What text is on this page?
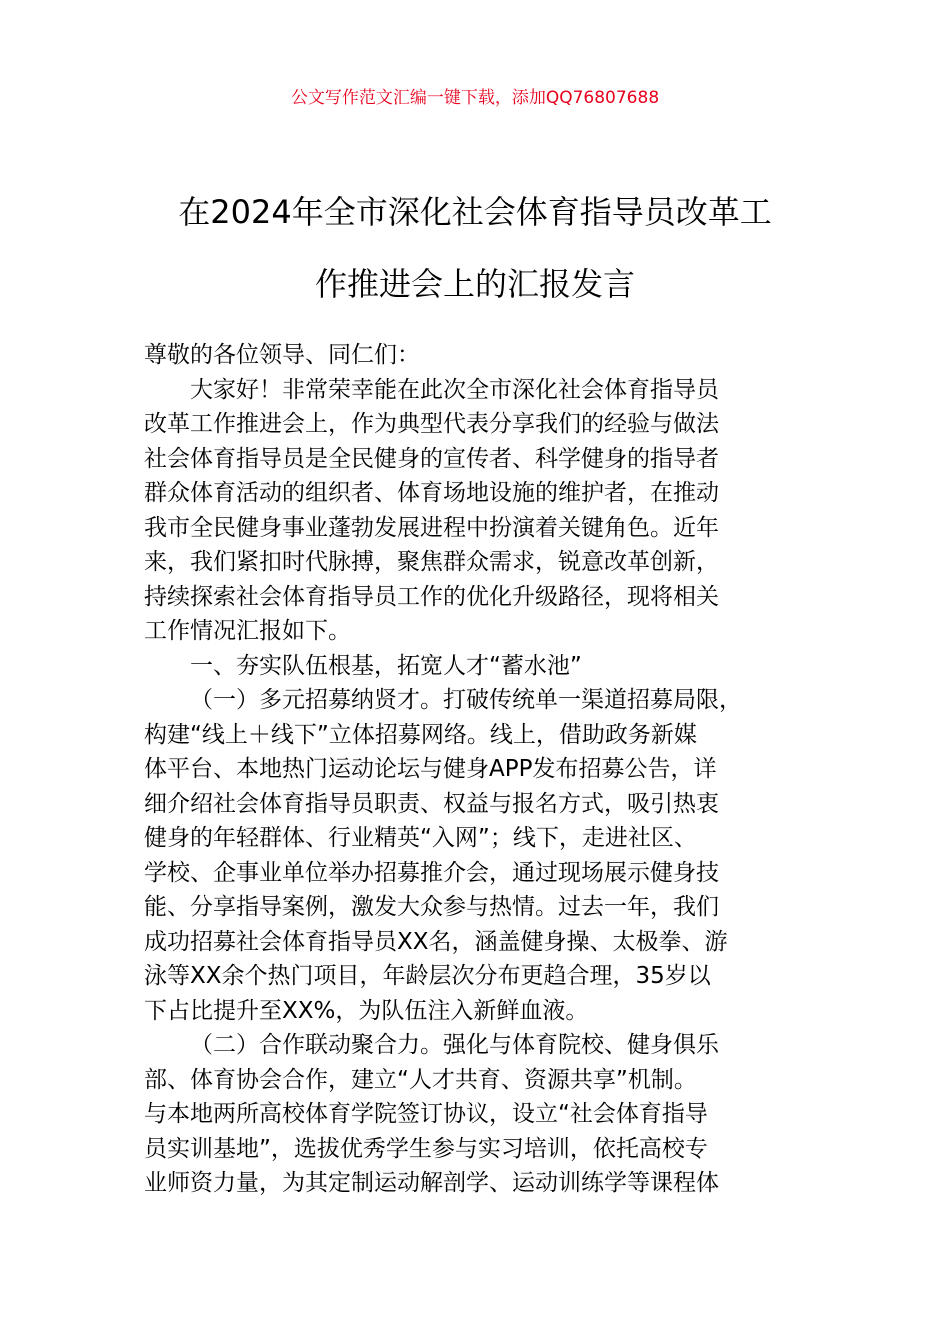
公文写作范文汇编一键下载，添加QQ76807688
在2024年全市深化社会体育指导员改革工
作推进会上的汇报发言
尊敬的各位领导、同仁们：
大家好！非常荣幸能在此次全市深化社会体育指导员
改革工作推进会上，作为典型代表分享我们的经验与做法
社会体育指导员是全民健身的宣传者、科学健身的指导者
群众体育活动的组织者、体育场地设施的维护者，在推动
我市全民健身事业蓬勃发展进程中扮演着关键角色。近年
来，我们紧扣时代脉搏，聚焦群众需求，锐意改革创新，
持续探索社会体育指导员工作的优化升级路径，现将相关
工作情况汇报如下。
一、夯实队伍根基，拓宽人才“蓄水池”
（一）多元招募纳贤才。打破传统单一渠道招募局限，
构建“线上＋线下”立体招募网络。线上，借助政务新媒
体平台、本地热门运动论坛与健身APP发布招募公告，详
细介绍社会体育指导员职责、权益与报名方式，吸引热衷
健身的年轻群体、行业精英“入网”；线下，走进社区、
学校、企事业单位举办招募推介会，通过现场展示健身技
能、分享指导案例，激发大众参与热情。过去一年，我们
成功招募社会体育指导员XX名，涵盖健身操、太极拳、游
泳等XX余个热门项目，年龄层次分布更趋合理，35岁以
下占比提升至XX%，为队伍注入新鲜血液。
（二）合作联动聚合力。强化与体育院校、健身俱乐
部、体育协会合作，建立“人才共育、资源共享”机制。
与本地两所高校体育学院签订协议，设立“社会体育指导
员实训基地”，选拔优秀学生参与实习培训，依托高校专
业师资力量，为其定制运动解剖学、运动训练学等课程体
